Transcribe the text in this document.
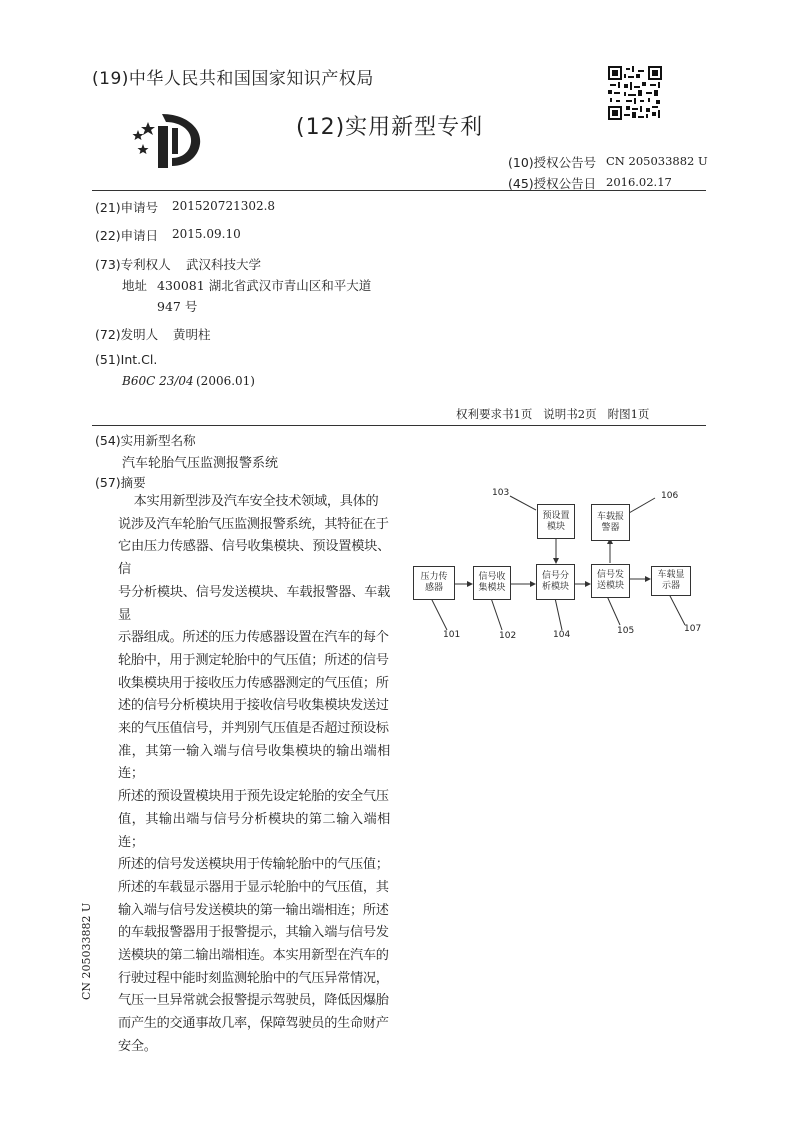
(19)中华人民共和国国家知识产权局
(12)实用新型专利
(10)授权公告号 CN 205033882 U
(45)授权公告日 2016.02.17
(21)申请号 201520721302.8
(22)申请日 2015.09.10
(73)专利权人 武汉科技大学
地址 430081 湖北省武汉市青山区和平大道
947 号
(72)发明人 黄明柱
(51)Int.Cl.
B60C 23/04 (2006.01)
权利要求书1页   说明书2页   附图1页
(54)实用新型名称
汽车轮胎气压监测报警系统
(57)摘要
本实用新型涉及汽车安全技术领域，具体的
说涉及汽车轮胎气压监测报警系统，其特征在于
它由压力传感器、信号收集模块、预设置模块、信
号分析模块、信号发送模块、车载报警器、车载显
示器组成。所述的压力传感器设置在汽车的每个
轮胎中，用于测定轮胎中的气压值；所述的信号
收集模块用于接收压力传感器测定的气压值；所
述的信号分析模块用于接收信号收集模块发送过
来的气压值信号，并判别气压值是否超过预设标
准，其第一输入端与信号收集模块的输出端相连；
所述的预设置模块用于预先设定轮胎的安全气压
值，其输出端与信号分析模块的第二输入端相连；
所述的信号发送模块用于传输轮胎中的气压值；
所述的车载显示器用于显示轮胎中的气压值，其
输入端与信号发送模块的第一输出端相连；所述
的车载报警器用于报警提示，其输入端与信号发
送模块的第二输出端相连。本实用新型在汽车的
行驶过程中能时刻监测轮胎中的气压异常情况，
气压一旦异常就会报警提示驾驶员，降低因爆胎
而产生的交通事故几率，保障驾驶员的生命财产
安全。
压力传
感器
信号收
集模块
预设置
模块
信号分
析模块
信号发
送模块
车载报
警器
车载显
示器
101	102
103
104	105
106
107
CN 205033882 U
